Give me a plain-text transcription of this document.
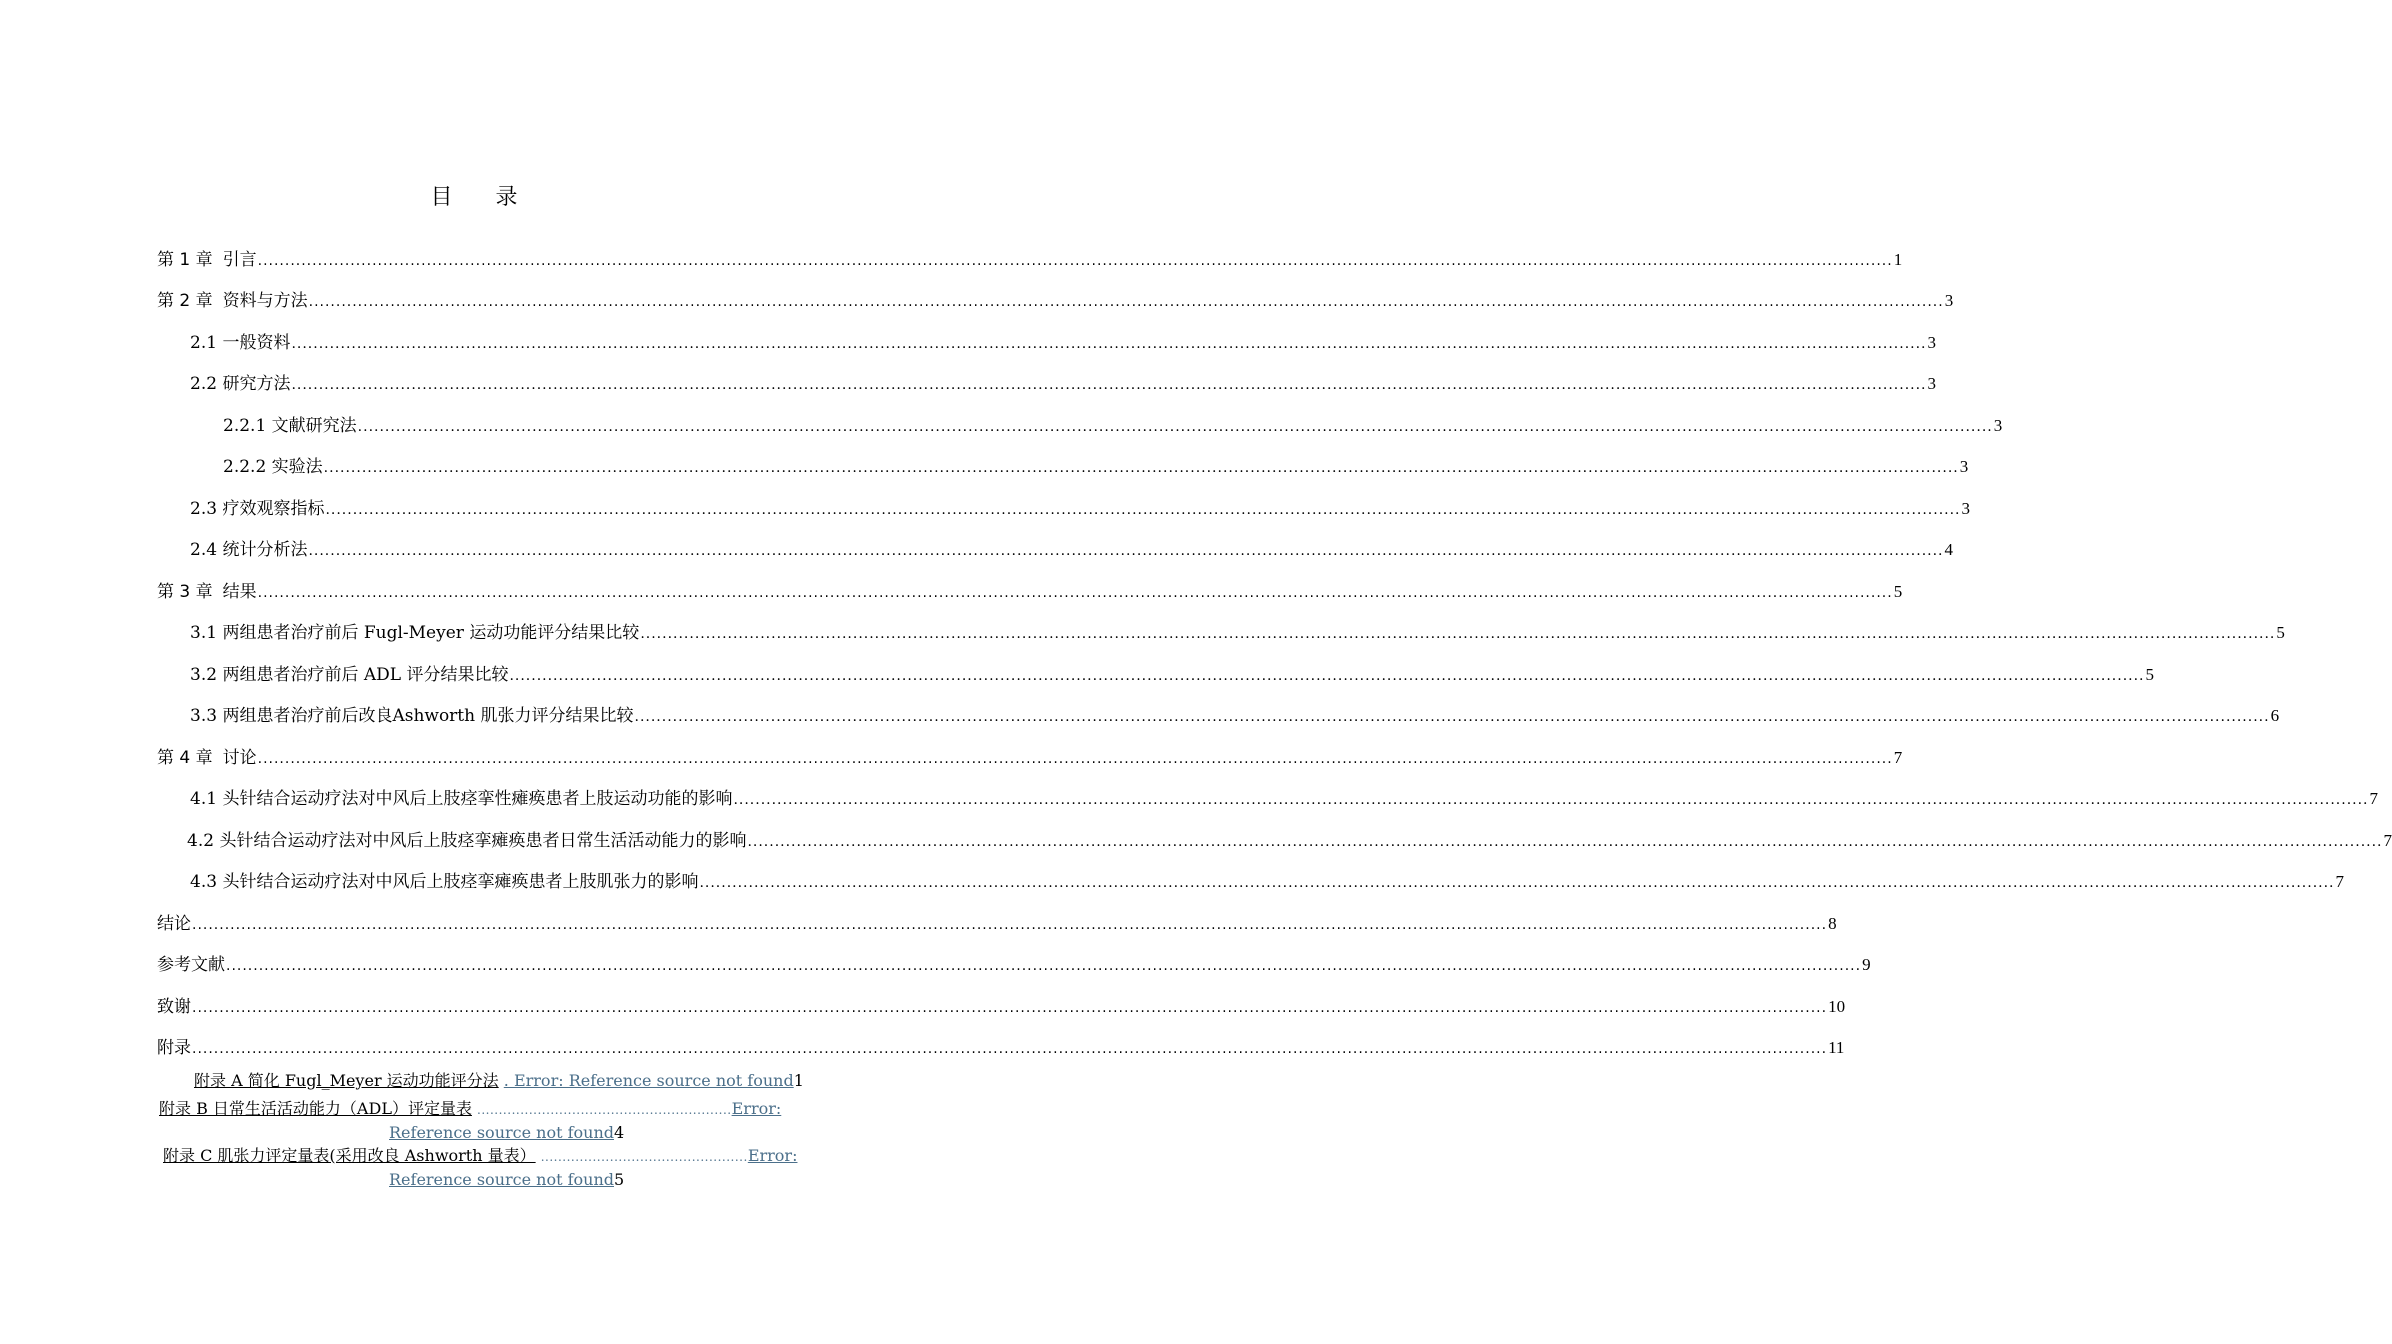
目 录
第 1 章 引言 ............................................................................................................................................................................................................................................................................................................ 1
第 2 章 资料与方法 ............................................................................................................................................................................................................................................................................................................ 3
2.1 一般资料 ............................................................................................................................................................................................................................................................................................................ 3
2.2 研究方法 ............................................................................................................................................................................................................................................................................................................ 3
2.2.1 文献研究法 ............................................................................................................................................................................................................................................................................................................ 3
2.2.2 实验法 ............................................................................................................................................................................................................................................................................................................ 3
2.3 疗效观察指标 ............................................................................................................................................................................................................................................................................................................ 3
2.4 统计分析法 ............................................................................................................................................................................................................................................................................................................ 4
第 3 章 结果 ............................................................................................................................................................................................................................................................................................................ 5
3.1 两组患者治疗前后 Fugl-Meyer 运动功能评分结果比较 ............................................................................................................................................................................................................................................................................................................ 5
3.2 两组患者治疗前后 ADL 评分结果比较 ............................................................................................................................................................................................................................................................................................................ 5
3.3 两组患者治疗前后改良Ashworth 肌张力评分结果比较 ............................................................................................................................................................................................................................................................................................................ 6
第 4 章 讨论 ............................................................................................................................................................................................................................................................................................................ 7
4.1 头针结合运动疗法对中风后上肢痉挛性瘫痪患者上肢运动功能的影响 ............................................................................................................................................................................................................................................................................................................ 7
4.2 头针结合运动疗法对中风后上肢痉挛瘫痪患者日常生活活动能力的影响 ............................................................................................................................................................................................................................................................................................................ 7
4.3 头针结合运动疗法对中风后上肢痉挛瘫痪患者上肢肌张力的影响 ............................................................................................................................................................................................................................................................................................................ 7
结论 ............................................................................................................................................................................................................................................................................................................ 8
参考文献 ............................................................................................................................................................................................................................................................................................................ 9
致谢 ............................................................................................................................................................................................................................................................................................................ 10
附录 ............................................................................................................................................................................................................................................................................................................ 11
附录 A 简化 Fugl_Meyer 运动功能评分法 . Error: Reference source not found1
附录 B 日常生活活动能力（ADL）评定量表 ...........................................................Error:
Reference source not found4
附录 C 肌张力评定量表(采用改良 Ashworth 量表） ................................................Error:
Reference source not found5
